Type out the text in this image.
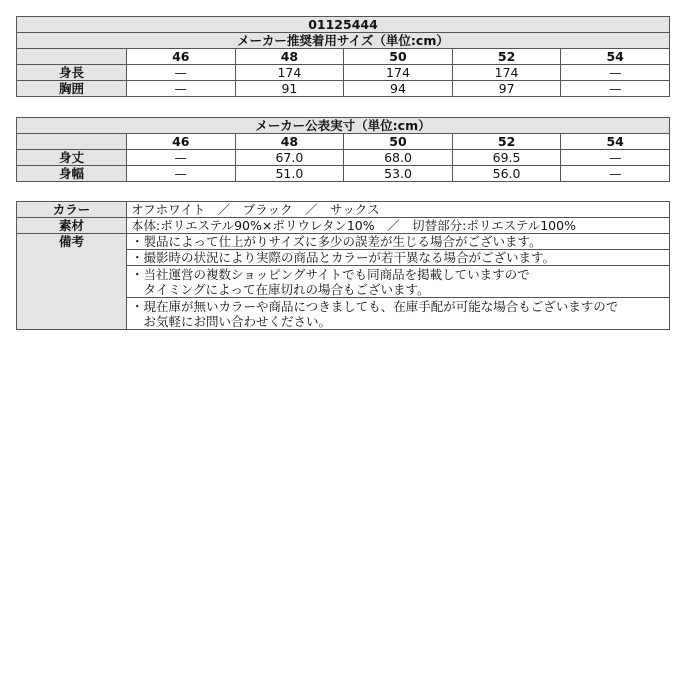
01125444					
メーカー推奨着用サイズ（単位:cm）					
	46	48	50	52	54
身長	—	174	174	174	—
胸囲	—	91	94	97	—
メーカー公表実寸（単位:cm）					
	46	48	50	52	54
身丈	—	67.0	68.0	69.5	—
身幅	—	51.0	53.0	56.0	—
カラー	オフホワイト　／　ブラック　／　サックス
素材	本体:ポリエステル90%×ポリウレタン10%　／　切替部分:ポリエステル100%
備考	・製品によって仕上がりサイズに多少の誤差が生じる場合がございます。

	・撮影時の状況により実際の商品とカラーが若干異なる場合がございます。

	・当社運営の複数ショッピングサイトでも同商品を掲載していますので
　タイミングによって在庫切れの場合もございます。

	・現在庫が無いカラーや商品につきましても、在庫手配が可能な場合もございますので
　お気軽にお問い合わせください。
